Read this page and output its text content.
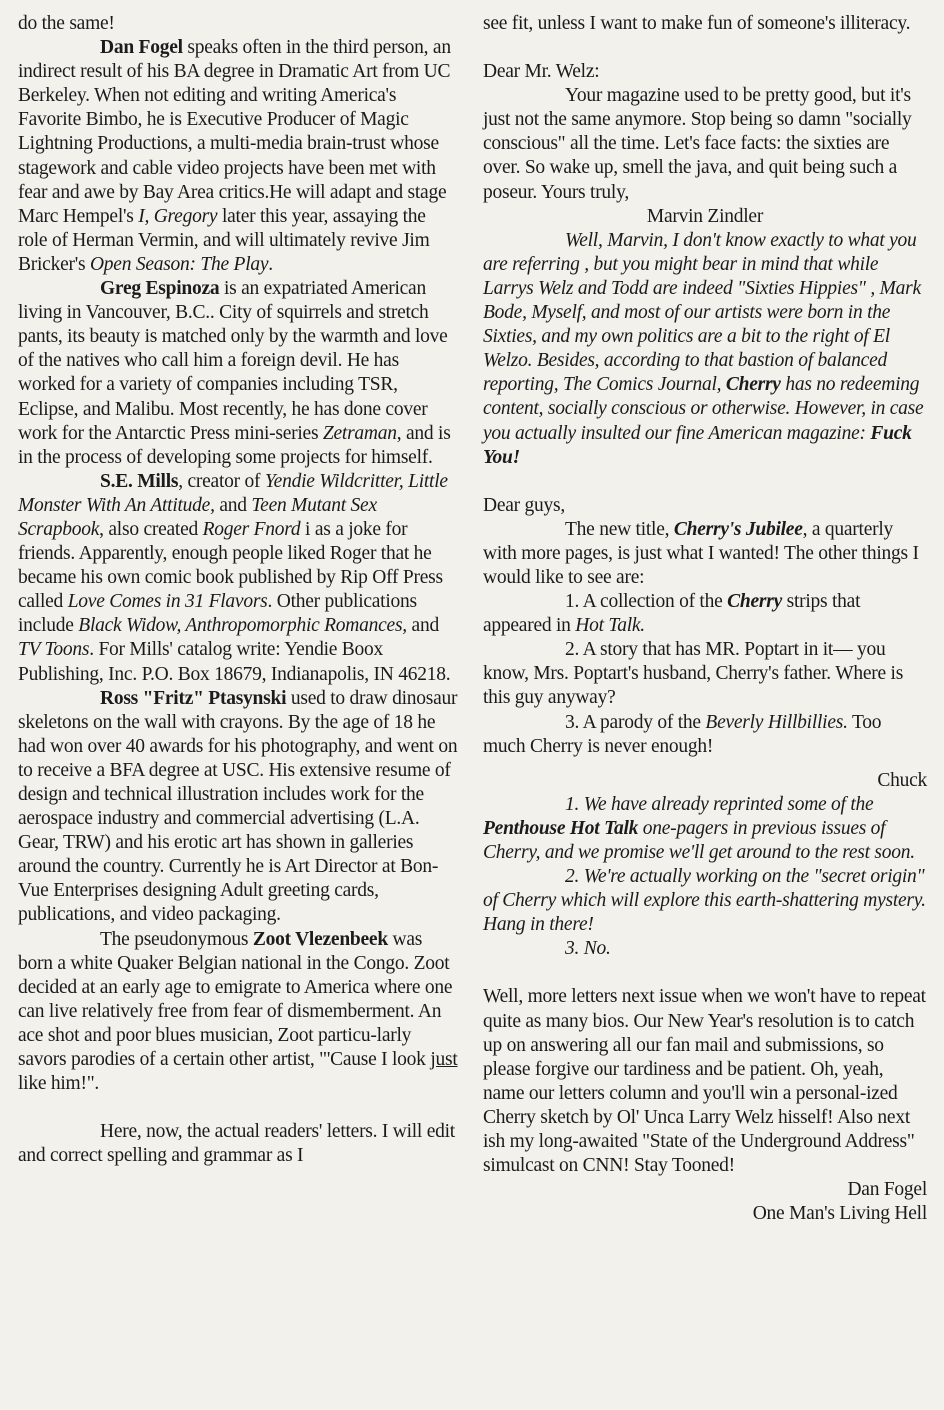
do the same!

Dan Fogel speaks often in the third person, an indirect result of his BA degree in Dramatic Art from UC Berkeley. When not editing and writing America's Favorite Bimbo, he is Executive Producer of Magic Lightning Productions, a multi-media brain-trust whose stagework and cable video projects have been met with fear and awe by Bay Area critics.He will adapt and stage Marc Hempel's I, Gregory later this year, assaying the role of Herman Vermin, and will ultimately revive Jim Bricker's Open Season: The Play.

Greg Espinoza is an expatriated American living in Vancouver, B.C.. City of squirrels and stretch pants, its beauty is matched only by the warmth and love of the natives who call him a foreign devil. He has worked for a variety of companies including TSR, Eclipse, and Malibu. Most recently, he has done cover work for the Antarctic Press mini-series Zetraman, and is in the process of developing some projects for himself.

S.E. Mills, creator of Yendie Wildcritter, Little Monster With An Attitude, and Teen Mutant Sex Scrapbook, also created Roger Fnord i as a joke for friends. Apparently, enough people liked Roger that he became his own comic book published by Rip Off Press called Love Comes in 31 Flavors. Other publications include Black Widow, Anthropomorphic Romances, and TV Toons. For Mills' catalog write: Yendie Boox Publishing, Inc. P.O. Box 18679, Indianapolis, IN 46218.

Ross "Fritz" Ptasynski used to draw dinosaur skeletons on the wall with crayons. By the age of 18 he had won over 40 awards for his photography, and went on to receive a BFA degree at USC. His extensive resume of design and technical illustration includes work for the aerospace industry and commercial advertising (L.A. Gear, TRW) and his erotic art has shown in galleries around the country. Currently he is Art Director at Bon-Vue Enterprises designing Adult greeting cards, publications, and video packaging.

The pseudonymous Zoot Vlezenbeek was born a white Quaker Belgian national in the Congo. Zoot decided at an early age to emigrate to America where one can live relatively free from fear of dismemberment. An ace shot and poor blues musician, Zoot particu-larly savors parodies of a certain other artist, "'Cause I look just like him!".

Here, now, the actual readers' letters. I will edit and correct spelling and grammar as I

see fit, unless I want to make fun of someone's illiteracy.

Dear Mr. Welz:

Your magazine used to be pretty good, but it's just not the same anymore. Stop being so damn "socially conscious" all the time. Let's face facts: the sixties are over. So wake up, smell the java, and quit being such a poseur. Yours truly,

Marvin Zindler

Well, Marvin, I don't know exactly to what you are referring , but you might bear in mind that while Larrys Welz and Todd are indeed "Sixties Hippies" , Mark Bode, Myself, and most of our artists were born in the Sixties, and my own politics are a bit to the right of El Welzo. Besides, according to that bastion of balanced reporting, The Comics Journal, Cherry has no redeeming content, socially conscious or otherwise. However, in case you actually insulted our fine American magazine: Fuck You!

Dear guys,

The new title, Cherry's Jubilee, a quarterly with more pages, is just what I wanted! The other things I would like to see are:

1. A collection of the Cherry strips that appeared in Hot Talk.

2. A story that has MR. Poptart in it— you know, Mrs. Poptart's husband, Cherry's father. Where is this guy anyway?

3. A parody of the Beverly Hillbillies. Too much Cherry is never enough!

Chuck

1. We have already reprinted some of the Penthouse Hot Talk one-pagers in previous issues of Cherry, and we promise we'll get around to the rest soon.

2. We're actually working on the "secret origin" of Cherry which will explore this earth-shattering mystery. Hang in there!

3. No.

Well, more letters next issue when we won't have to repeat quite as many bios. Our New Year's resolution is to catch up on answering all our fan mail and submissions, so please forgive our tardiness and be patient. Oh, yeah, name our letters column and you'll win a personal-ized Cherry sketch by Ol' Unca Larry Welz hisself! Also next ish my long-awaited "State of the Underground Address" simulcast on CNN! Stay Tooned!

Dan Fogel

One Man's Living Hell
